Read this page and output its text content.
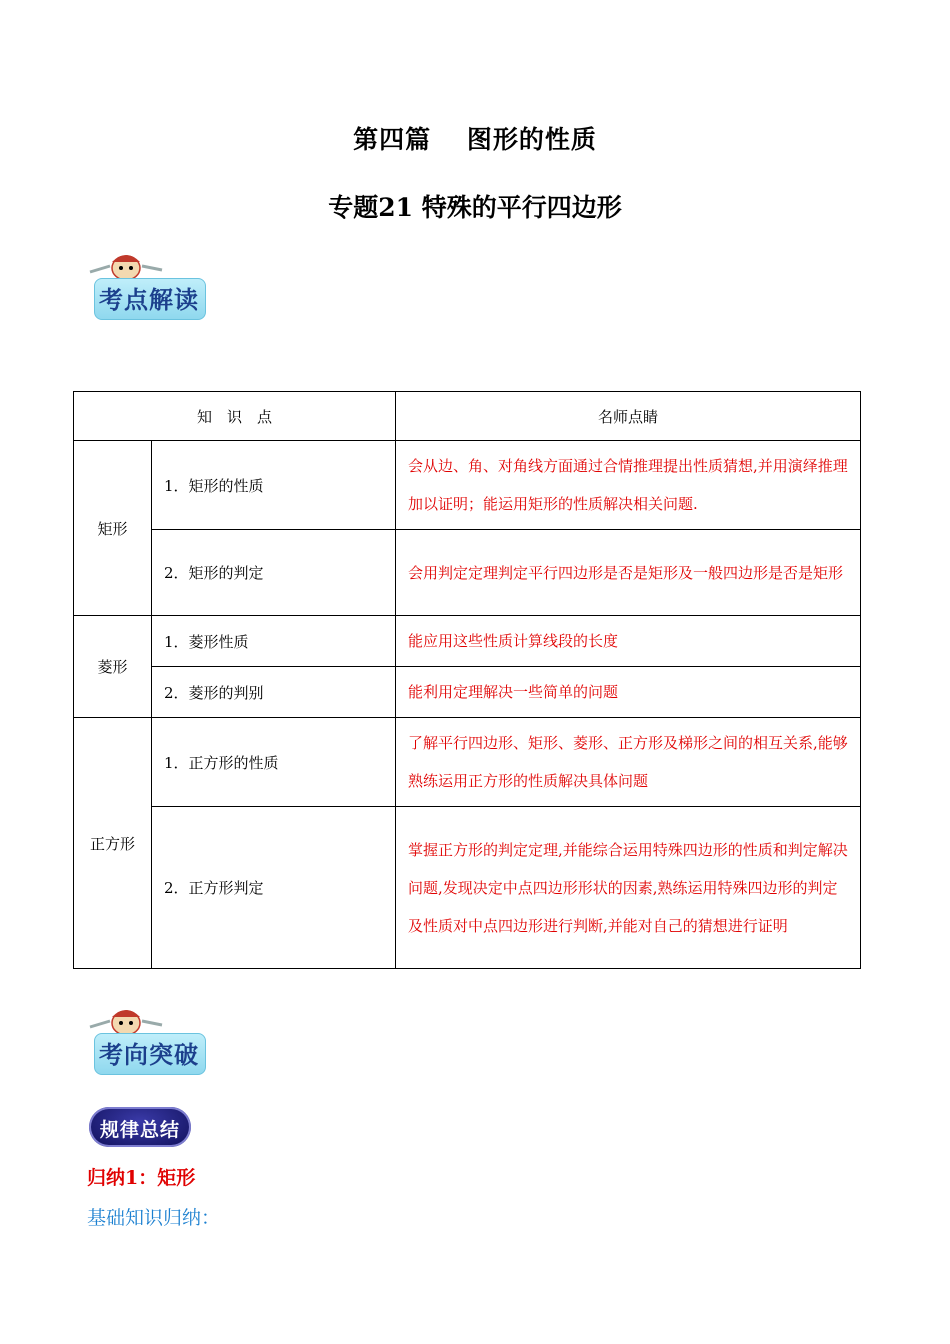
第四篇　 图形的性质
专题21 特殊的平行四边形
考点解读
知　识　点		名师点睛
矩形	1．矩形的性质	会从边、角、对角线方面通过合情推理提出性质猜想,并用演绎推理加以证明；能运用矩形的性质解决相关问题.
	2．矩形的判定	会用判定定理判定平行四边形是否是矩形及一般四边形是否是矩形
菱形	1．菱形性质	能应用这些性质计算线段的长度
	2．菱形的判别	能利用定理解决一些简单的问题
正方形	1．正方形的性质	了解平行四边形、矩形、菱形、正方形及梯形之间的相互关系,能够熟练运用正方形的性质解决具体问题
	2．正方形判定	掌握正方形的判定定理,并能综合运用特殊四边形的性质和判定解决问题,发现决定中点四边形形状的因素,熟练运用特殊四边形的判定及性质对中点四边形进行判断,并能对自己的猜想进行证明
考向突破
规律总结
归纳1：矩形
基础知识归纳：
